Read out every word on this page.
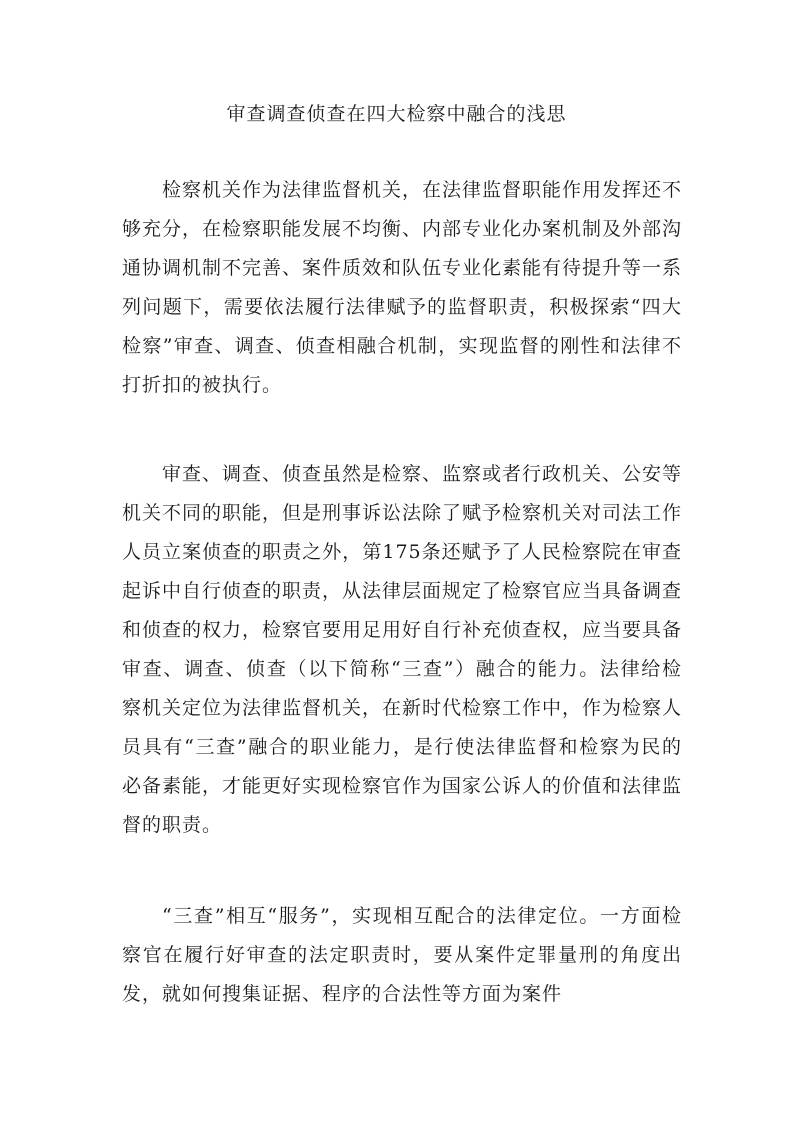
审查调查侦查在四大检察中融合的浅思

检察机关作为法律监督机关，在法律监督职能作用发挥还不够充分，在检察职能发展不均衡、内部专业化办案机制及外部沟通协调机制不完善、案件质效和队伍专业化素能有待提升等一系列问题下，需要依法履行法律赋予的监督职责，积极探索“四大检察”审查、调查、侦查相融合机制，实现监督的刚性和法律不打折扣的被执行。

审查、调查、侦查虽然是检察、监察或者行政机关、公安等机关不同的职能，但是刑事诉讼法除了赋予检察机关对司法工作人员立案侦查的职责之外，第175条还赋予了人民检察院在审查起诉中自行侦查的职责，从法律层面规定了检察官应当具备调查和侦查的权力，检察官要用足用好自行补充侦查权，应当要具备审查、调查、侦查（以下简称“三查”）融合的能力。法律给检察机关定位为法律监督机关，在新时代检察工作中，作为检察人员具有“三查”融合的职业能力，是行使法律监督和检察为民的必备素能，才能更好实现检察官作为国家公诉人的价值和法律监督的职责。

“三查”相互“服务”，实现相互配合的法律定位。一方面检察官在履行好审查的法定职责时，要从案件定罪量刑的角度出发，就如何搜集证据、程序的合法性等方面为案件
